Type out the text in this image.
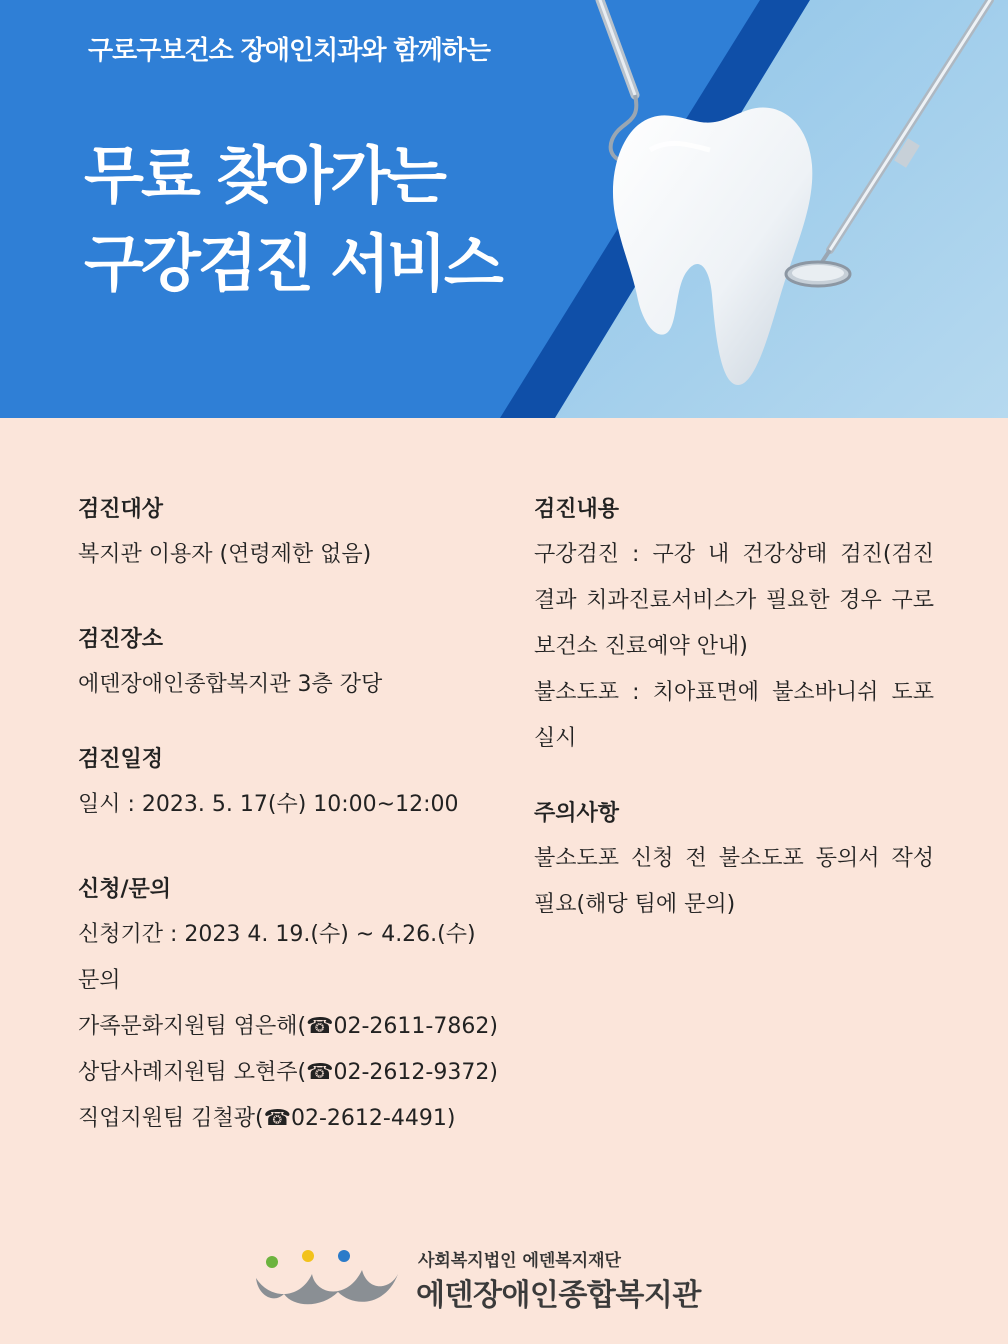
구로구보건소 장애인치과와 함께하는
무료 찾아가는
구강검진 서비스
검진대상
복지관 이용자 (연령제한 없음)
검진장소
에덴장애인종합복지관 3층 강당
검진일정
일시 : 2023. 5. 17(수) 10:00~12:00
신청/문의
신청기간 : 2023 4. 19.(수) ~ 4.26.(수)
문의
가족문화지원팀 염은해(☎02-2611-7862)
상담사례지원팀 오현주(☎02-2612-9372)
직업지원팀 김철광(☎02-2612-4491)
검진내용
구강검진 : 구강 내 건강상태 검진(검진
결과 치과진료서비스가 필요한 경우 구로
보건소 진료예약 안내)
불소도포 : 치아표면에 불소바니쉬 도포
실시
주의사항
불소도포 신청 전 불소도포 동의서 작성
필요(해당 팀에 문의)
사회복지법인 에덴복지재단
에덴장애인종합복지관
